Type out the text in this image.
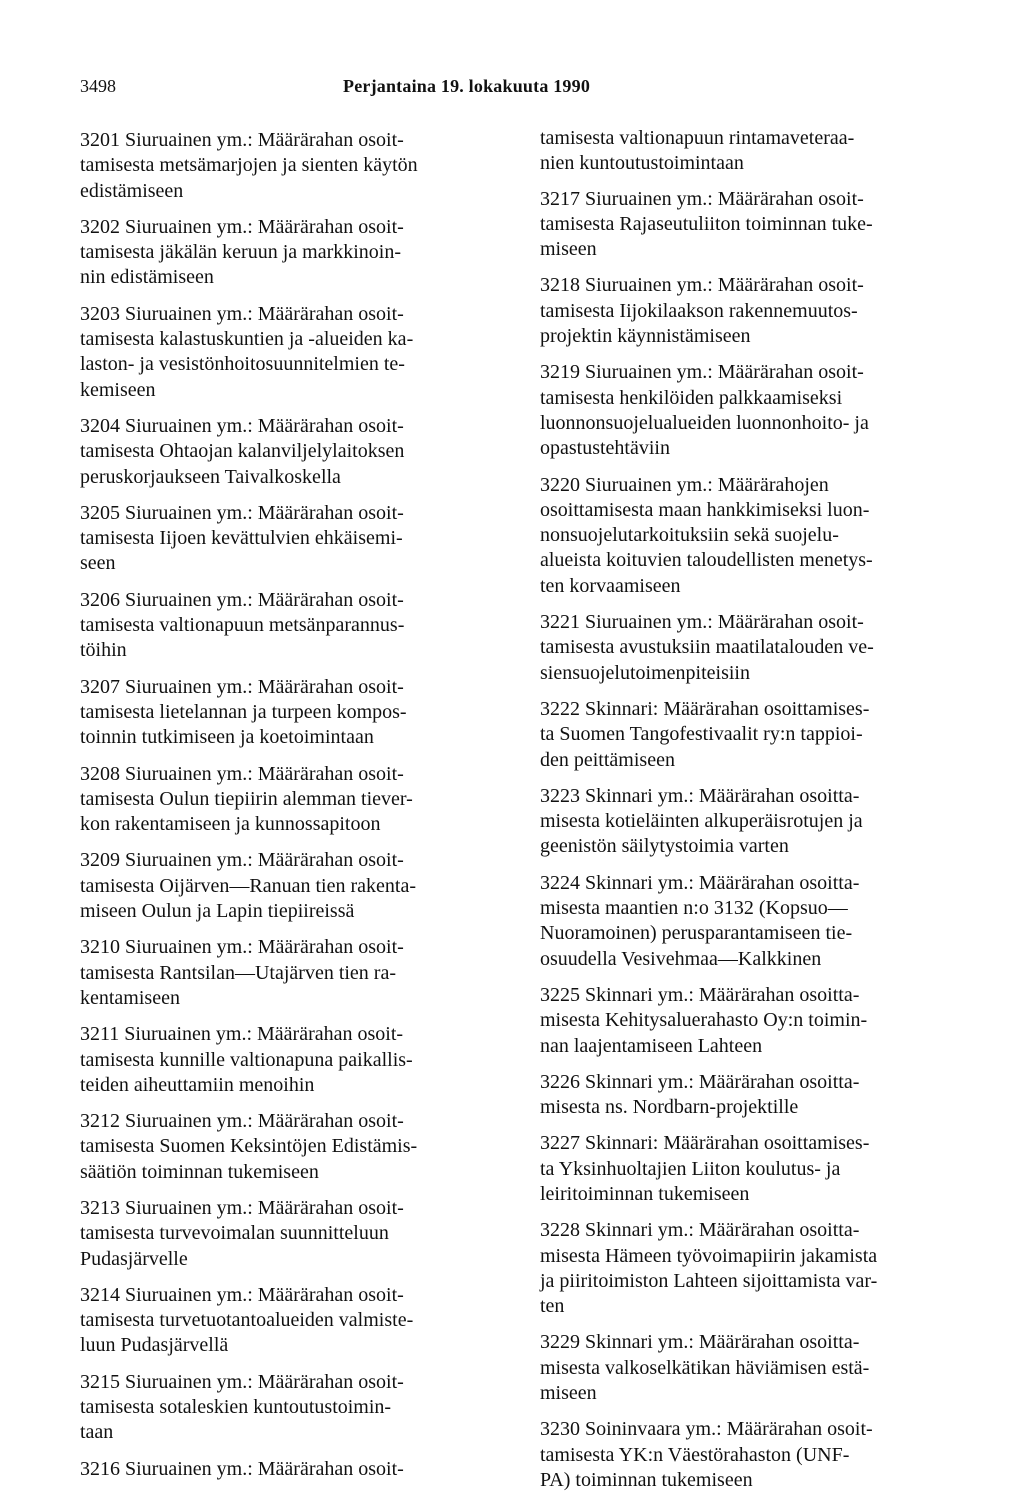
3498	Perjantaina 19. lokakuuta 1990

3201 Siuruainen ym.: Määrärahan osoit-
tamisesta metsämarjojen ja sienten käytön
edistämiseen

3202 Siuruainen ym.: Määrärahan osoit-
tamisesta jäkälän keruun ja markkinoin-
nin edistämiseen

3203 Siuruainen ym.: Määrärahan osoit-
tamisesta kalastuskuntien ja -alueiden ka-
laston- ja vesistönhoitosuunnitelmien te-
kemiseen

3204 Siuruainen ym.: Määrärahan osoit-
tamisesta Ohtaojan kalanviljelylaitoksen
peruskorjaukseen Taivalkoskella

3205 Siuruainen ym.: Määrärahan osoit-
tamisesta Iijoen kevättulvien ehkäisemi-
seen

3206 Siuruainen ym.: Määrärahan osoit-
tamisesta valtionapuun metsänparannus-
töihin

3207 Siuruainen ym.: Määrärahan osoit-
tamisesta lietelannan ja turpeen kompos-
toinnin tutkimiseen ja koetoimintaan

3208 Siuruainen ym.: Määrärahan osoit-
tamisesta Oulun tiepiirin alemman tiever-
kon rakentamiseen ja kunnossapitoon

3209 Siuruainen ym.: Määrärahan osoit-
tamisesta Oijärven—Ranuan tien rakenta-
miseen Oulun ja Lapin tiepiireissä

3210 Siuruainen ym.: Määrärahan osoit-
tamisesta Rantsilan—Utajärven tien ra-
kentamiseen

3211 Siuruainen ym.: Määrärahan osoit-
tamisesta kunnille valtionapuna paikallis-
teiden aiheuttamiin menoihin

3212 Siuruainen ym.: Määrärahan osoit-
tamisesta Suomen Keksintöjen Edistämis-
säätiön toiminnan tukemiseen

3213 Siuruainen ym.: Määrärahan osoit-
tamisesta turvevoimalan suunnitteluun
Pudasjärvelle

3214 Siuruainen ym.: Määrärahan osoit-
tamisesta turvetuotantoalueiden valmiste-
luun Pudasjärvellä

3215 Siuruainen ym.: Määrärahan osoit-
tamisesta sotaleskien kuntoutustoimin-
taan

3216 Siuruainen ym.: Määrärahan osoit-

tamisesta valtionapuun rintamaveteraa-
nien kuntoutustoimintaan

3217 Siuruainen ym.: Määrärahan osoit-
tamisesta Rajaseutuliiton toiminnan tuke-
miseen

3218 Siuruainen ym.: Määrärahan osoit-
tamisesta Iijokilaakson rakennemuutos-
projektin käynnistämiseen

3219 Siuruainen ym.: Määrärahan osoit-
tamisesta henkilöiden palkkaamiseksi
luonnonsuojelualueiden luonnonhoito- ja
opastustehtäviin

3220 Siuruainen ym.: Määrärahojen
osoittamisesta maan hankkimiseksi luon-
nonsuojelutarkoituksiin sekä suojelu-
alueista koituvien taloudellisten menetys-
ten korvaamiseen

3221 Siuruainen ym.: Määrärahan osoit-
tamisesta avustuksiin maatilatalouden ve-
siensuojelutoimenpiteisiin

3222 Skinnari: Määrärahan osoittamises-
ta Suomen Tangofestivaalit ry:n tappioi-
den peittämiseen

3223 Skinnari ym.: Määrärahan osoitta-
misesta kotieläinten alkuperäisrotujen ja
geenistön säilytystoimia varten

3224 Skinnari ym.: Määrärahan osoitta-
misesta maantien n:o 3132 (Kopsuo—
Nuoramoinen) perusparantamiseen tie-
osuudella Vesivehmaa—Kalkkinen

3225 Skinnari ym.: Määrärahan osoitta-
misesta Kehitysaluerahasto Oy:n toimin-
nan laajentamiseen Lahteen

3226 Skinnari ym.: Määrärahan osoitta-
misesta ns. Nordbarn-projektille

3227 Skinnari: Määrärahan osoittamises-
ta Yksinhuoltajien Liiton koulutus- ja
leiritoiminnan tukemiseen

3228 Skinnari ym.: Määrärahan osoitta-
misesta Hämeen työvoimapiirin jakamista
ja piiritoimiston Lahteen sijoittamista var-
ten

3229 Skinnari ym.: Määrärahan osoitta-
misesta valkoselkätikan häviämisen estä-
miseen

3230 Soininvaara ym.: Määrärahan osoit-
tamisesta YK:n Väestörahaston (UNF-
PA) toiminnan tukemiseen
